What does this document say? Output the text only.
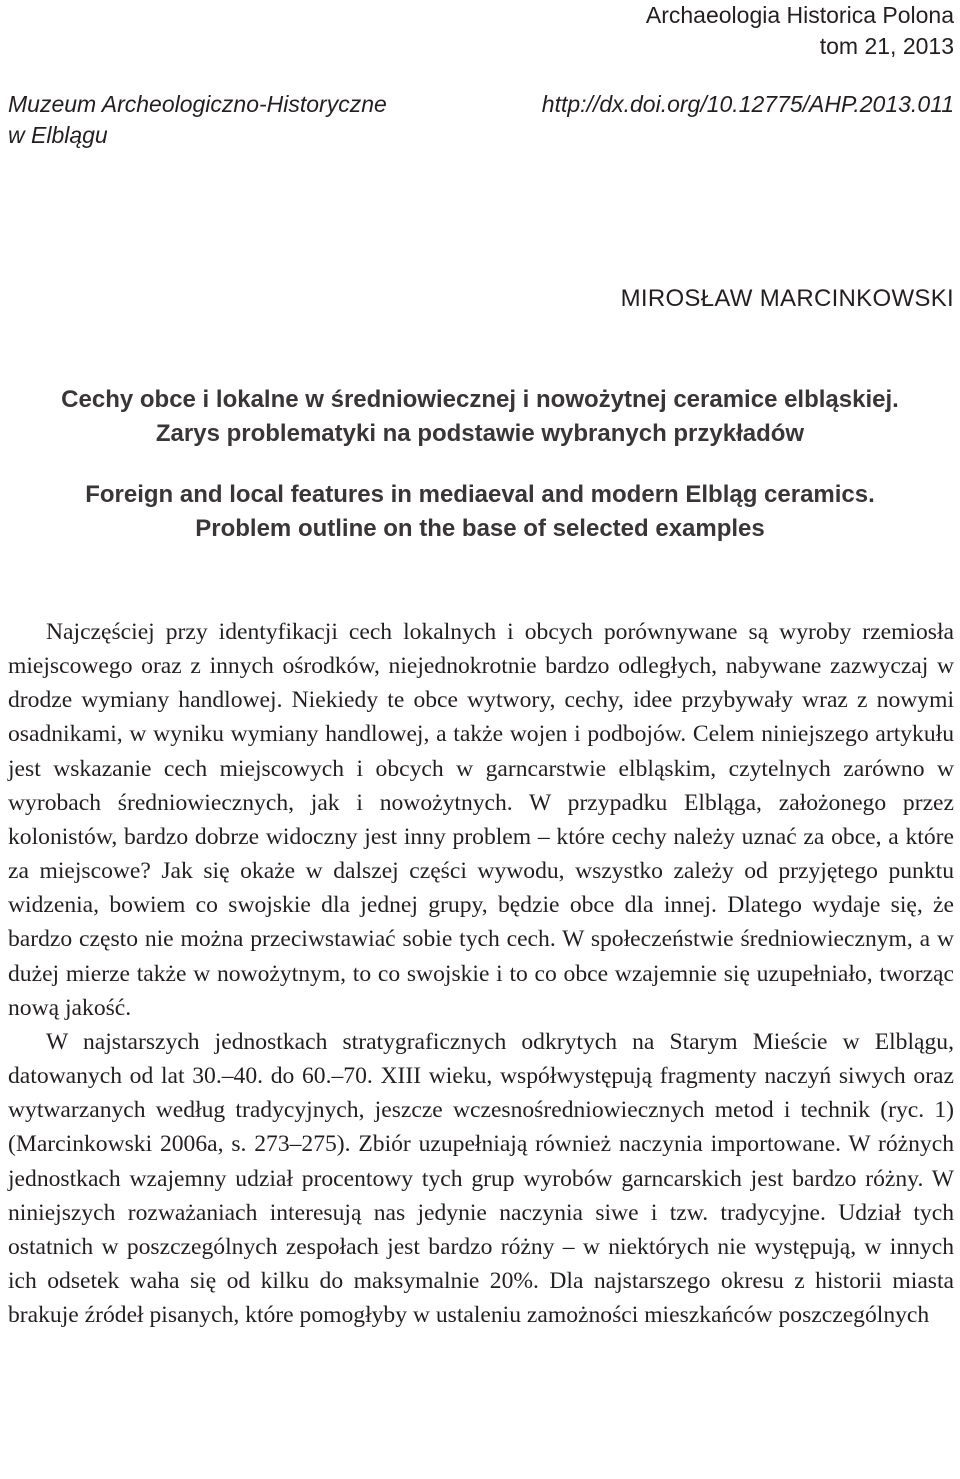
Archaeologia Historica Polona
tom 21, 2013
Muzeum Archeologiczno-Historyczne
w Elblągu
http://dx.doi.org/10.12775/AHP.2013.011
MIROSŁAW MARCINKOWSKI
Cechy obce i lokalne w średniowiecznej i nowożytnej ceramice elbląskiej.
Zarys problematyki na podstawie wybranych przykładów
Foreign and local features in mediaeval and modern Elbląg ceramics.
Problem outline on the base of selected examples

Najczęściej przy identyfikacji cech lokalnych i obcych porównywane są wyroby rzemiosła miejscowego oraz z innych ośrodków, niejednokrotnie bardzo odległych, nabywane zazwyczaj w drodze wymiany handlowej. Niekiedy te obce wytwory, cechy, idee przybywały wraz z nowymi osadnikami, w wyniku wymiany handlowej, a także wojen i podbojów. Celem niniejszego artykułu jest wskazanie cech miejscowych i obcych w garncarstwie elbląskim, czytelnych zarówno w wyrobach średniowiecznych, jak i nowożytnych. W przypadku Elbląga, założonego przez kolonistów, bardzo dobrze widoczny jest inny problem – które cechy należy uznać za obce, a które za miejscowe? Jak się okaże w dalszej części wywodu, wszystko zależy od przyjętego punktu widzenia, bowiem co swojskie dla jednej grupy, będzie obce dla innej. Dlatego wydaje się, że bardzo często nie można przeciwstawiać sobie tych cech. W społeczeństwie średniowiecznym, a w dużej mierze także w nowożytnym, to co swojskie i to co obce wzajemnie się uzupełniało, tworząc nową jakość.

W najstarszych jednostkach stratygraficznych odkrytych na Starym Mieście w Elblągu, datowanych od lat 30.–40. do 60.–70. XIII wieku, współwystępują fragmenty naczyń siwych oraz wytwarzanych według tradycyjnych, jeszcze wczesnośredniowiecznych metod i technik (ryc. 1) (Marcinkowski 2006a, s. 273–275). Zbiór uzupełniają również naczynia importowane. W różnych jednostkach wzajemny udział procentowy tych grup wyrobów garncarskich jest bardzo różny. W niniejszych rozważaniach interesują nas jedynie naczynia siwe i tzw. tradycyjne. Udział tych ostatnich w poszczególnych zespołach jest bardzo różny – w niektórych nie występują, w innych ich odsetek waha się od kilku do maksymalnie 20%. Dla najstarszego okresu z historii miasta brakuje źródeł pisanych, które pomogłyby w ustaleniu zamożności mieszkańców poszczególnych
